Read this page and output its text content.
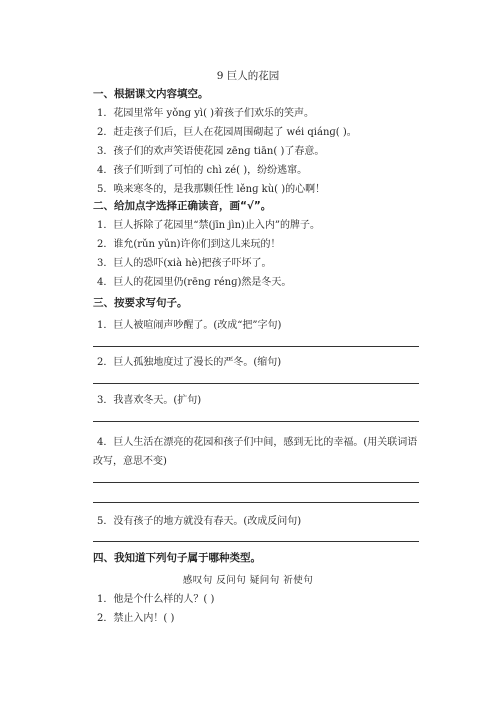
9 巨人的花园
一、根据课文内容填空。
1．花园里常年 yǒnɡ yì( )着孩子们欢乐的笑声。
2．赶走孩子们后，巨人在花园周围砌起了 wéi qiánɡ( )。
3．孩子们的欢声笑语使花园 zēnɡ tiān( )了春意。
4．孩子们听到了可怕的 chì zé( )，纷纷逃窜。
5．唤来寒冬的，是我那颗任性 lěnɡ kù( )的心啊！
二、给加点字选择正确读音，画“√”。
1．巨人拆除了花园里“禁(jīn jìn)止入内”的牌子。
2．谁允(rǔn yǔn)许你们到这儿来玩的！
3．巨人的恐吓(xià hè)把孩子吓坏了。
4．巨人的花园里仍(rēnɡ rénɡ)然是冬天。
三、按要求写句子。
1．巨人被喧闹声吵醒了。(改成“把”字句)
2．巨人孤独地度过了漫长的严冬。(缩句)
3．我喜欢冬天。(扩句)
4．巨人生活在漂亮的花园和孩子们中间，感到无比的幸福。(用关联词语
改写，意思不变)
5．没有孩子的地方就没有春天。(改成反问句)
四、我知道下列句子属于哪种类型。
感叹句 反问句 疑问句 祈使句
1．他是个什么样的人？( )
2．禁止入内！( )
